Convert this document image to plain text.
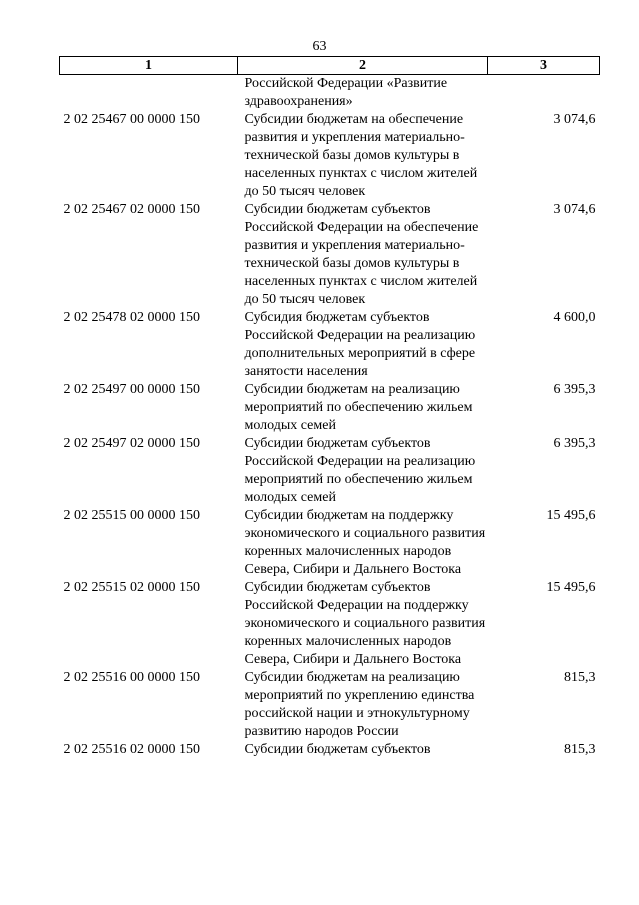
63
1	2	3
	Российской Федерации «Развитие здравоохранения»	
2 02 25467 00 0000 150	Субсидии бюджетам на обеспечение развития и укрепления материально-технической базы домов культуры в населенных пунктах с числом жителей до 50 тысяч человек	3 074,6
2 02 25467 02 0000 150	Субсидии бюджетам субъектов Российской Федерации на обеспечение развития и укрепления материально-технической базы домов культуры в населенных пунктах с числом жителей до 50 тысяч человек	3 074,6
2 02 25478 02 0000 150	Субсидия бюджетам субъектов Российской Федерации на реализацию дополнительных мероприятий в сфере занятости населения	4 600,0
2 02 25497 00 0000 150	Субсидии бюджетам на реализацию мероприятий по обеспечению жильем молодых семей	6 395,3
2 02 25497 02 0000 150	Субсидии бюджетам субъектов Российской Федерации на реализацию мероприятий по обеспечению жильем молодых семей	6 395,3
2 02 25515 00 0000 150	Субсидии бюджетам на поддержку экономического и социального развития коренных малочисленных народов Севера, Сибири и Дальнего Востока	15 495,6
2 02 25515 02 0000 150	Субсидии бюджетам субъектов Российской Федерации на поддержку экономического и социального развития коренных малочисленных народов Севера, Сибири и Дальнего Востока	15 495,6
2 02 25516 00 0000 150	Субсидии бюджетам на реализацию мероприятий по укреплению единства российской нации и этнокультурному развитию народов России	815,3
2 02 25516 02 0000 150	Субсидии бюджетам субъектов	815,3
